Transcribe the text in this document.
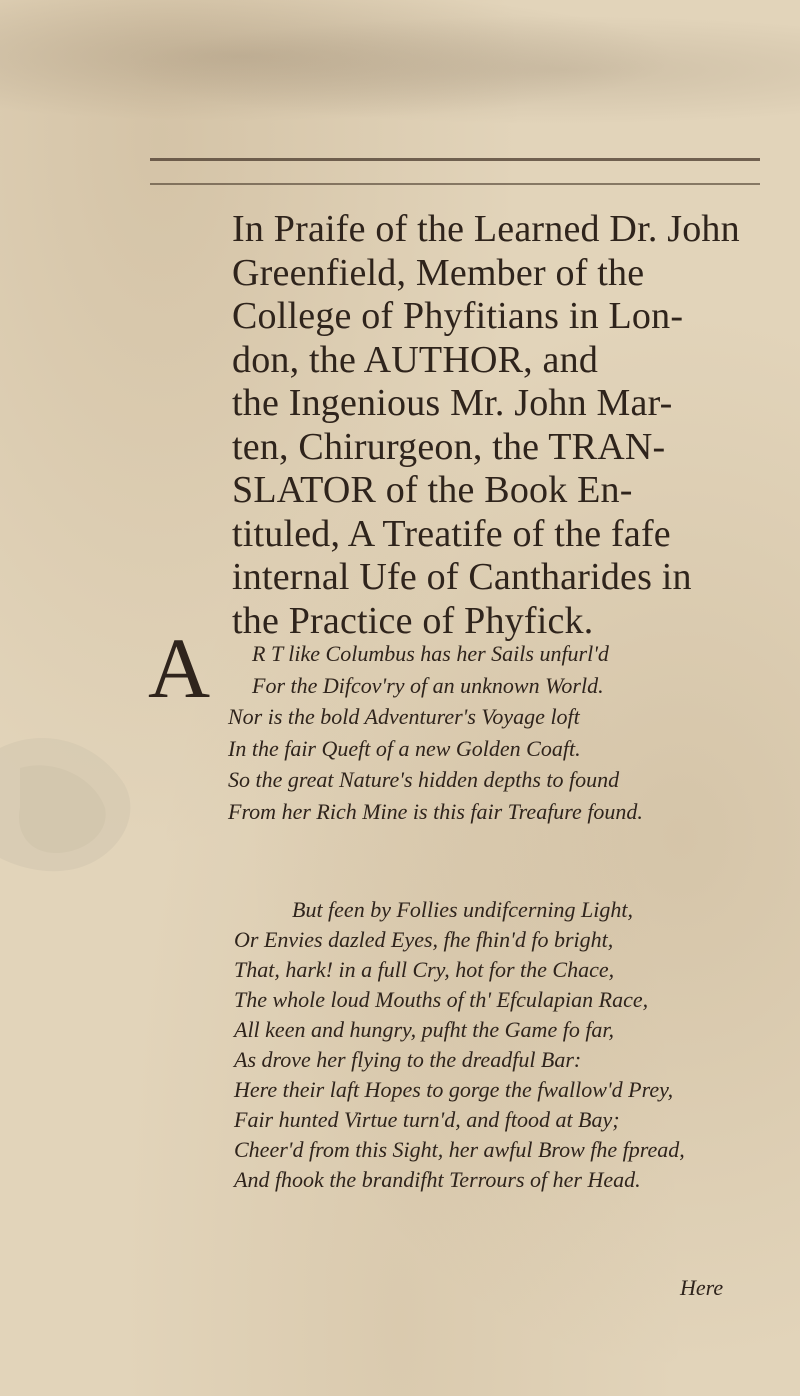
In Praife of the Learned Dr. John
Greenfield, Member of the
College of Phyfitians in Lon-
don, the AUTHOR, and
the Ingenious Mr. John Mar-
ten, Chirurgeon, the TRAN-
SLATOR of the Book En-
tituled, A Treatife of the fafe
internal Ufe of Cantharides in
the Practice of Phyfick.

A	R T like Columbus has her Sails unfurl'd
For the Difcov'ry of an unknown World.
Nor is the bold Adventurer's Voyage loft
In the fair Queft of a new Golden Coaft.
So the great Nature's hidden depths to found
From her Rich Mine is this fair Treafure found.

But feen by Follies undifcerning Light,
Or Envies dazled Eyes, fhe fhin'd fo bright,
That, hark! in a full Cry, hot for the Chace,
The whole loud Mouths of th' Efculapian Race,
All keen and hungry, pufht the Game fo far,
As drove her flying to the dreadful Bar:
Here their laft Hopes to gorge the fwallow'd Prey,
Fair hunted Virtue turn'd, and ftood at Bay;
Cheer'd from this Sight, her awful Brow fhe fpread,
And fhook the brandifht Terrours of her Head.

Here
